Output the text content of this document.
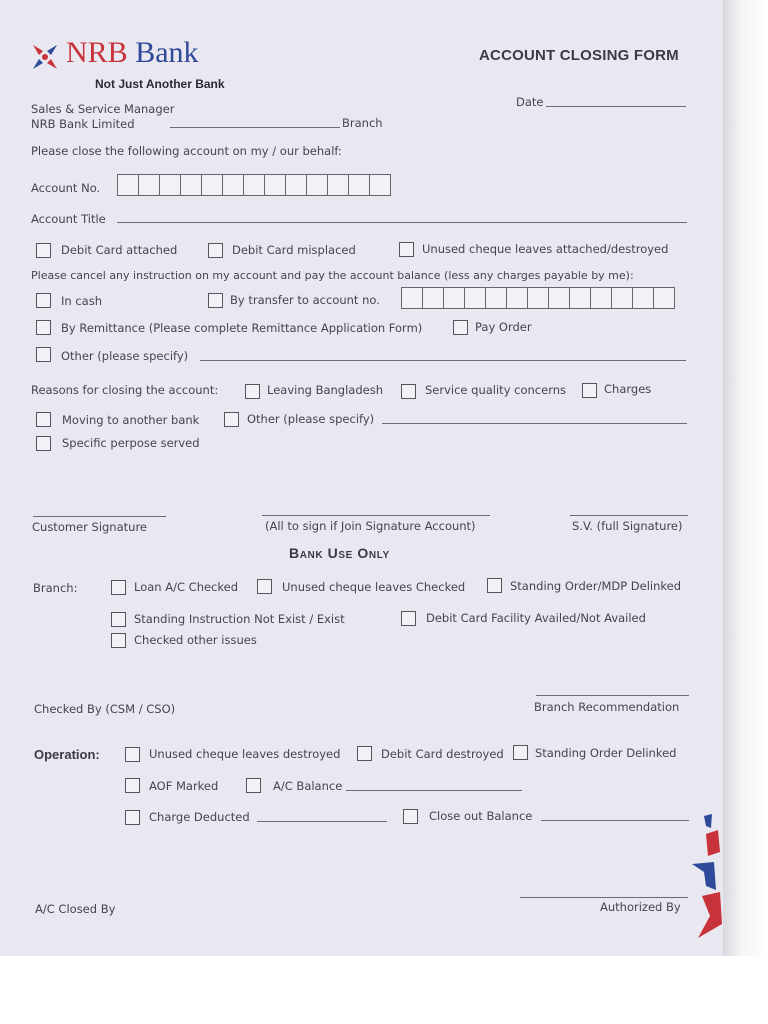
NRB Bank
Not Just Another Bank
ACCOUNT CLOSING FORM
Date
Sales & Service Manager
NRB Bank Limited	Branch
Please close the following account on my / our behalf:
Account No.
Account Title
Debit Card attached	Debit Card misplaced	Unused cheque leaves attached/destroyed
Please cancel any instruction on my account and pay the account balance (less any charges payable by me):
In cash	By transfer to account no.
By Remittance (Please complete Remittance Application Form)	Pay Order
Other (please specify)
Reasons for closing the account:	Leaving Bangladesh	Service quality concerns	Charges
Moving to another bank	Other (please specify)
Specific perpose served
Customer Signature	(All to sign if Join Signature Account)	S.V. (full Signature)
Bank Use Only
Branch:	Loan A/C Checked	Unused cheque leaves Checked	Standing Order/MDP Delinked
Standing Instruction Not Exist / Exist	Debit Card Facility Availed/Not Availed
Checked other issues
Checked By (CSM / CSO)	Branch Recommendation
Operation:	Unused cheque leaves destroyed	Debit Card destroyed	Standing Order Delinked
AOF Marked	A/C Balance
Charge Deducted	Close out Balance
A/C Closed By	Authorized By
